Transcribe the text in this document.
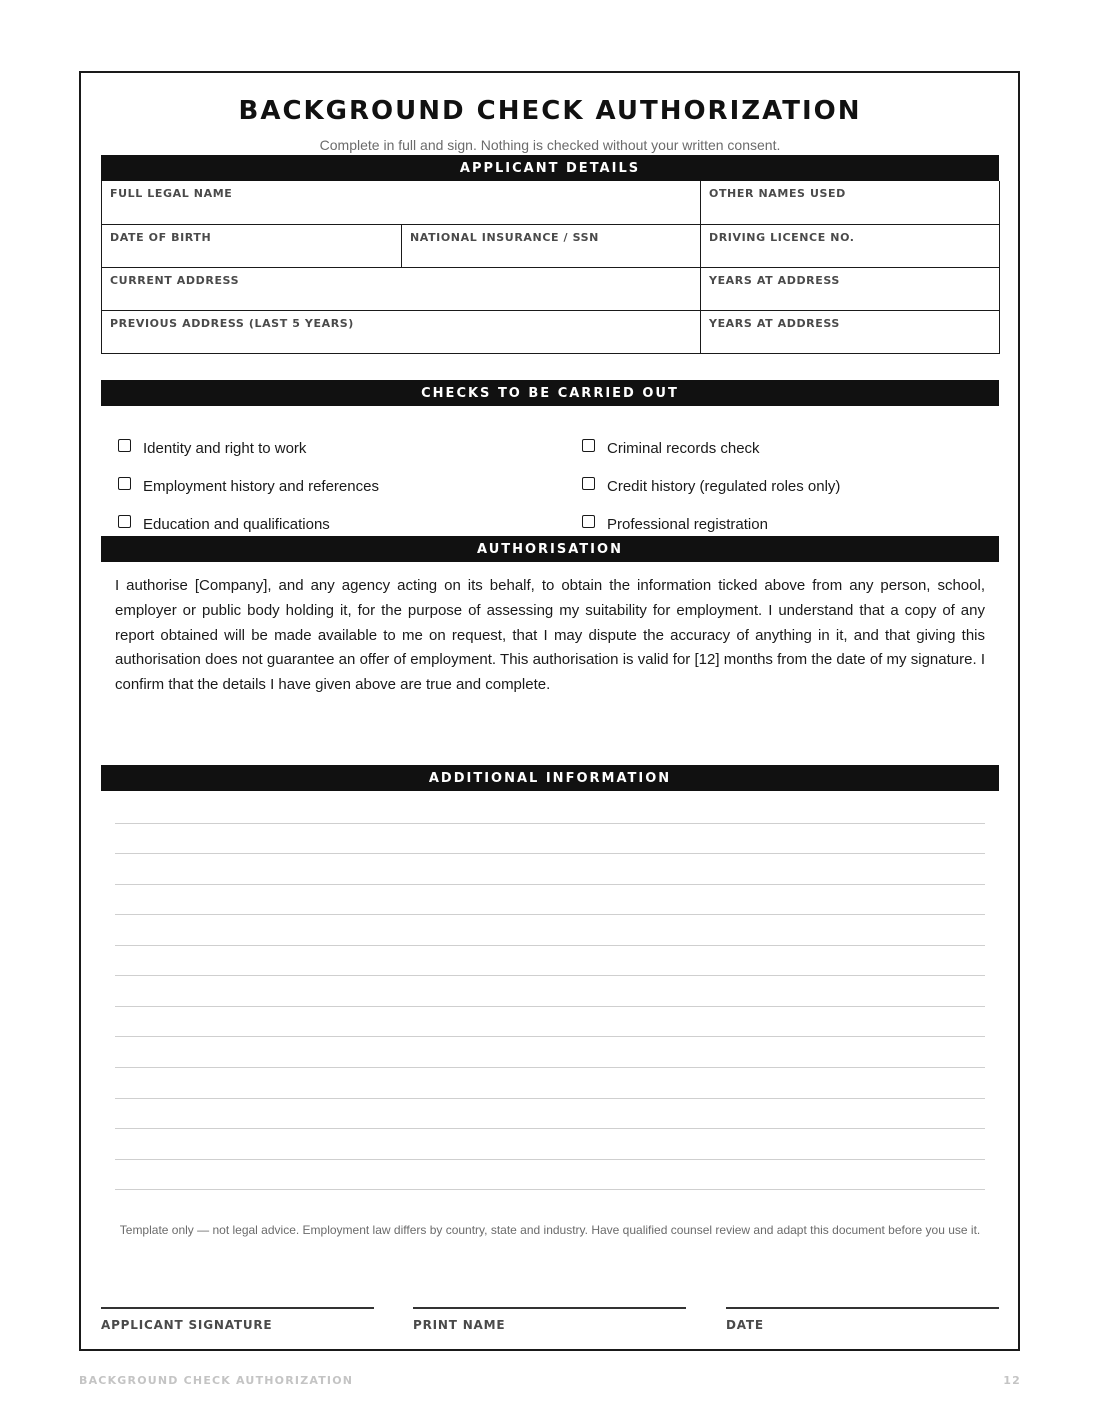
BACKGROUND CHECK AUTHORIZATION
Complete in full and sign. Nothing is checked without your written consent.
APPLICANT DETAILS
FULL LEGAL NAME	OTHER NAMES USED
DATE OF BIRTH	NATIONAL INSURANCE / SSN	DRIVING LICENCE NO.
CURRENT ADDRESS	YEARS AT ADDRESS
PREVIOUS ADDRESS (LAST 5 YEARS)	YEARS AT ADDRESS
CHECKS TO BE CARRIED OUT
Identity and right to work	Criminal records check
Employment history and references	Credit history (regulated roles only)
Education and qualifications	Professional registration
AUTHORISATION
I authorise [Company], and any agency acting on its behalf, to obtain the information ticked above from any person, school, employer or public body holding it, for the purpose of assessing my suitability for employment. I understand that a copy of any report obtained will be made available to me on request, that I may dispute the accuracy of anything in it, and that giving this authorisation does not guarantee an offer of employment. This authorisation is valid for [12] months from the date of my signature. I confirm that the details I have given above are true and complete.
ADDITIONAL INFORMATION
Template only — not legal advice. Employment law differs by country, state and industry. Have qualified counsel review and adapt this document before you use it.
APPLICANT SIGNATURE	PRINT NAME	DATE
BACKGROUND CHECK AUTHORIZATION	12
